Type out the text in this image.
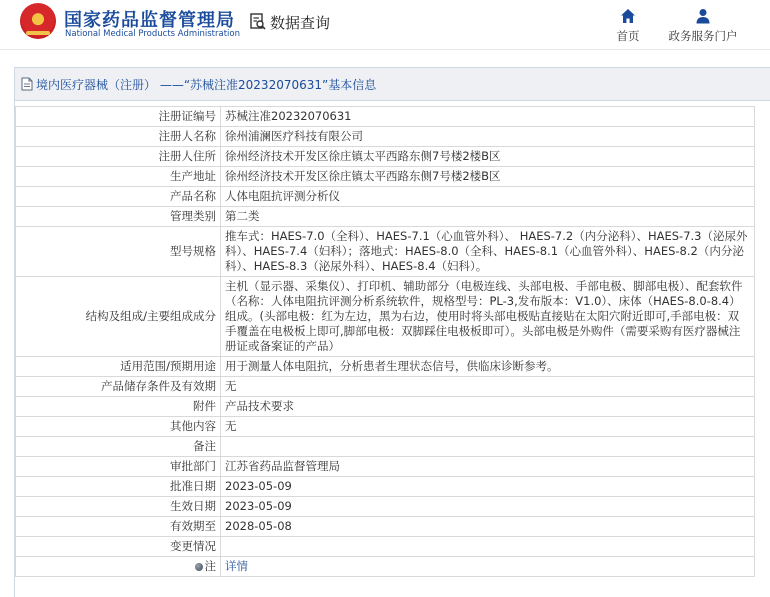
国家药品监督管理局
National Medical Products Administration
数据查询
首页	政务服务门户
境内医疗器械（注册） ——“苏械注准20232070631”基本信息
注册证编号	苏械注准20232070631
注册人名称	徐州浦澜医疗科技有限公司
注册人住所	徐州经济技术开发区徐庄镇太平西路东侧7号楼2楼B区
生产地址	徐州经济技术开发区徐庄镇太平西路东侧7号楼2楼B区
产品名称	人体电阻抗评测分析仪
管理类别	第二类
型号规格	推车式：HAES-7.0（全科）、HAES-7.1（心血管外科）、 HAES-7.2（内分泌科）、HAES-7.3（泌尿外科）、HAES-7.4（妇科）；落地式：HAES-8.0（全科、HAES-8.1（心血管外科）、HAES-8.2（内分泌科）、HAES-8.3（泌尿外科）、HAES-8.4（妇科）。
结构及组成/主要组成成分	主机（显示器、采集仪）、打印机、辅助部分（电极连线、头部电极、手部电极、脚部电极）、配套软件（名称：人体电阻抗评测分析系统软件，规格型号：PL-3,发布版本：V1.0）、床体（HAES-8.0-8.4）组成。(头部电极：红为左边，黑为右边，使用时将头部电极贴直接贴在太阳穴附近即可,手部电极：双手覆盖在电极板上即可,脚部电极：双脚踩住电极板即可）。头部电极是外购件（需要采购有医疗器械注册证或备案证的产品）
适用范围/预期用途	用于测量人体电阻抗，分析患者生理状态信号，供临床诊断参考。
产品储存条件及有效期	无
附件	产品技术要求
其他内容	无
备注	
审批部门	江苏省药品监督管理局
批准日期	2023-05-09
生效日期	2023-05-09
有效期至	2028-05-08
变更情况	
注	详情
